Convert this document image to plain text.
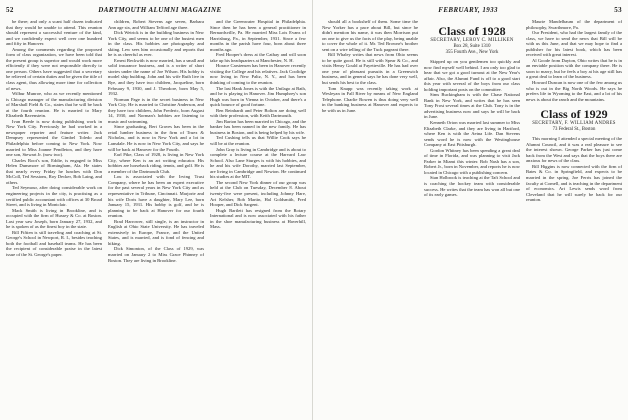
52	DARTMOUTH ALUMNI MAGAZINE

be there; and only a scant half dozen indicated that they would be unable to attend. This reunion should represent a successful venture of the kind, and we confidently expect well over one hundred and fifty in Hanover.

Among the comments regarding the proposed form of class organization, we have been told that the present group is superior and would work more efficiently if they were not responsible directly to one person. Others have suggested that a secretary be relieved of certain duties and be given the title of class agent, thus allowing more time for collection of news.

Wilbur Munroe, who as we recently mentioned is Chicago manager of the manufacturing division of Marshall Field & Co., states that he will be back at the fourth reunion. He is married to Mary Elizabeth Ravenstein.

Ivan Beede is now doing publishing work in New York City. Previously he had worked in a newspaper reporter and feature writer. Jack Dempsey represented the Gimbel Toledo and Philadelphia before coming to New York. Now married to Miss Joanne Pendleton, and they have one son, Stewart Jr. (now two).

Charles Root's son, Eddie, is engaged to Miss Helen Dunsmore of Birmingham, Ala. He states that nearly every Friday he lunches with Don McColl, Ted Sessions, Roy Decker, Bob Laing, and others.

Ted Seymour, after doing considerable work on engineering projects in the city, is practising as a certified public accountant with offices at 30 Broad Street, and is living in Montclair.

Mack Smith is living in Brookline, and is occupied with the firm of Hussey & Co. at Boston. Last year saw Joseph, born January 27, 1932, and he is spoken of as the finest boy in the state.

Bill Fiftien is still traveling and coaching at St. George's School in Newport, R. I., besides teaching both the football and baseball teams. He has been the recipient of considerable praise in the latest issue of the St. George's paper.

children, Robert Stevens age seven, Barbara Ann age six, and William Tefford age three.

Dick Weirick is in the building business in New York City, and seems to be one of the busiest men in the class. His hobbies are photography and skiing. Lew sees him occasionally and reports that he is as cheerful as ever.

Ernest Beckwith is now married, has a small and solid insurance business, and is a writer of short stories under the name of Joe Wilson. His hobby is model ship building. John and his wife Ruth live in Rye, and they have two children, Jacqueline, born February 9, 1930, and J. Theodore, born May 5, 1932.

Norman Page is in the secret business in New York City. He is married to Christine Anderson, and they have two children, John Frederic, born August 14, 1930, and Norman's hobbies are listening to music and swimming.

Since graduating, Bert Graves has been in the retail lumber business in the firm of Truex & Nicholas, and is now in New York and a lot in Lansdale. He is now in New York City, and says he will be back at Hanover for the Fourth.

Earl Pike, Class of 1928, is living in New York City, where Ken is an art writing educator. His hobbies are horseback riding, tennis, and golf. He is a member of the Dartmouth Club.

Lou is associated with the Irving Trust Company, where he has been an expert executive for the past several years in New York City and as representative in Tribune, Cincinnati. Marjorie and his wife Doris have a daughter, Mary Lee, born January 15, 1931. His hobby is golf, and he is planning to be back at Hanover for our fourth reunion.

Brad Harrower, still single, is an instructor in English at Ohio State University. He has traveled extensively in Europe, France, and the United States, and is married, and is fond of fencing and hiking.

Dick Simonton, of the Class of 1929, was married on January 2 to Miss Grace Phinney of Boston. They are living in Brookline.

and the Greenwater Hospital in Philadelphia. Since then he has been a general practitioner in Bernardsville, Pa. He married Miss Lois Evans of Harrisburg, Pa., in September, 1931. Since a few months in the parish have four, born about three months ago.

Fred Hooper's dress at the Cathay and will soon take up his headquarters at Manchester, N. H.

Horace Carstensen has been in Hanover recently visiting the College and his relatives. Jack Coolidge now living in New Paltz, N. Y., and has been thinking of coming to the reunion.

The last Hank Jones is with the Unilago at Bath, and he is playing in Hanover. Jim Humphrey's son Hugh was born in Vienna in October, and there's a quick bounce of good fortune.

Ben Reinhardt and Peter Bolton are doing well with their profession, with Keith Dartmouth.

Jim Barton has been married in Chicago, and the banker has been named in the new family. He has business in Boston, and is being helped by his wife.

Ted Cushing tells us that Willie Cook says he will be at the reunion.

John Gray is living in Cambridge and is about to complete a lecture course at the Harvard Law School. Also Lane Sturges is with his hobbies, and he and his wife Dorothy, married last September, are living in Cambridge and Newton. He continued his studies at the MIT.

The second New York dinner of our group was held at the Club on Tuesday, December 8. About twenty-five were present, including Johnny Hare, Art Kelsher, Bob Martin, Hal Goldsmith, Fred Hooper, and Dick Sargent.

Hugh Bartlett has resigned from the Rotary International and is now associated with his father in the shoe manufacturing business at Haverhill, Mass.

FEBRUARY, 1933	53

should all a bookshelf of them. Some time the New Yorker has a pace about Bill, but since he didn't mention his name, it was then Morrison put on one to give us the facts of the play, being unable to cover the whole of it. Mr. Ted Browne's brother sent on a wire telling of the Tuck pageant there.

Bill Whaley writes that news from Ohio seems to be quite good. He is still with Spear & Co., and visits Henry Gould at Fayetteville. He has had over one year of pleasant pursuits in a Greenwich business, and in general says he has done very well, but sends his best to the class.

Tom Knapp was recently taking work at Wesleyan in Fall River by means of New England Telephone. Charlie Bowen is thus doing very well in the banking business at Hanover and expects to be with us in June.

Class of 1928
SECRETARY, LEROY C. MILLIKEN
Box 28, Suite 1310
355 Fourth Ave., New York

Skipped up on you gentlemen too quickly and now find myself well behind. I am only too glad to hear that we got a good turnout at the New Year's affair. Also, the Alumni Fund is off to a good start this year with several of the boys from our class holding important posts on the committee.

Sims Buckingham is with the Chase National Bank in New York, and writes that he has seen Tony Frost several times at the Club. Tony is in the advertising business now and says he will be back in June.

Kenneth Orton was married last summer to Miss Elizabeth Clarke, and they are living in Hartford, where Ken is with the Aetna Life. Dan Stevens sends word he is now with the Westinghouse Company at East Pittsburgh.

Gordon Whitney has been spending a great deal of time in Florida, and was planning to visit Jack Parker in Miami this winter. Bob Nash has a son, Robert Jr., born in November, and reports he is now located in Chicago with a publishing concern.

Stan Holbrook is teaching at the Taft School and is coaching the hockey team with considerable success. He writes that the team has won all but one of its early games.

Maurie Mandelbaum of the department of philosophy, Swarthmore, Pa.

Our President, who had the largest family of the class, we have to send the news that Bill will be with us this June, and that we may hope to find a publisher for his latest book, which has been received with great interest.

Al Goode from Dayton, Ohio writes that he is in an enviable position with the company there. He is soon to marry, but he feels a boy at his age still has a great deal to learn of the business.

Howard Duncan is now one of the few among us who is out in the Big North Woods. He says he prefers life in Wyoming to the East, and a lot of his news is about the ranch and the mountains.

Class of 1929
SECRETARY, F. WILLIAM ANDRES
73 Federal St., Boston

This morning I attended a special meeting of the Alumni Council, and it was a real pleasure to see the interest shown. George Parker has just come back from the West and says that the boys there are anxious for news of the class.

Bill Higgins is now connected with the firm of Bates & Co. in Springfield, and expects to be married in the spring. Joe Ferris has joined the faculty at Cornell, and is teaching in the department of economics. Art Lewis sends word from Cleveland that he will surely be back for our reunion.
